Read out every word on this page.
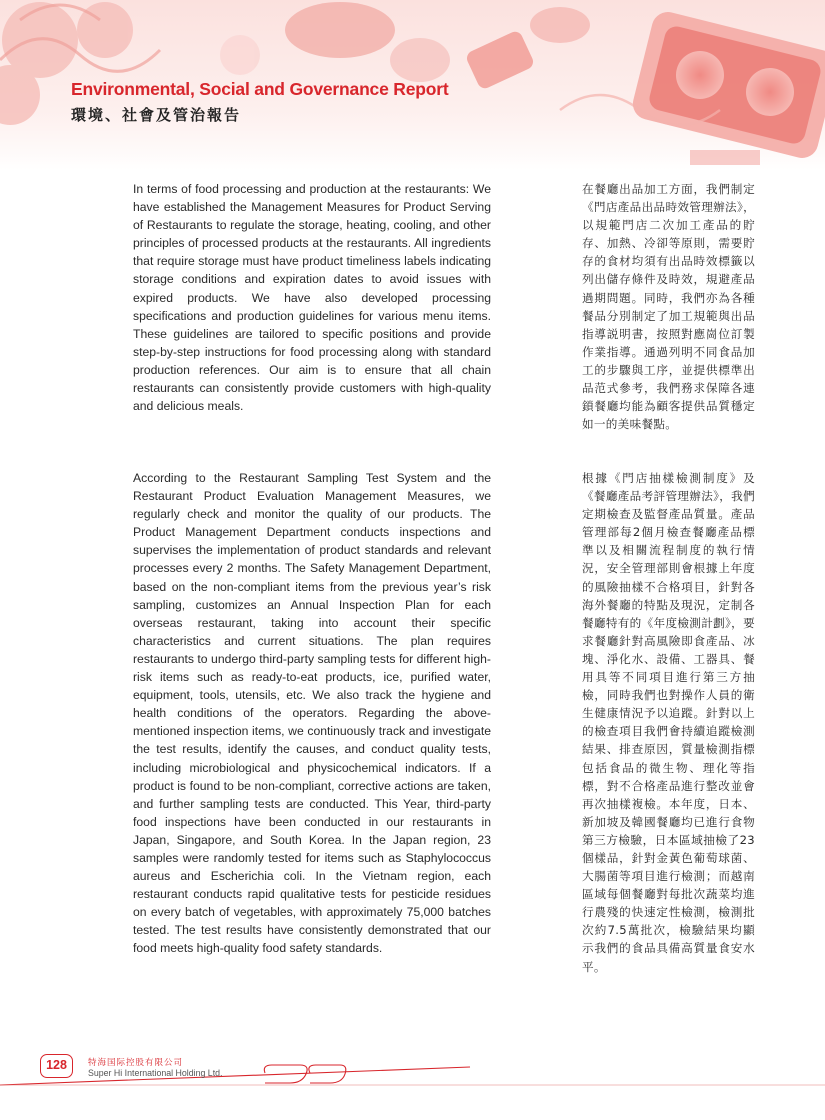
Environmental, Social and Governance Report
環境、社會及管治報告

In terms of food processing and production at the restaurants: We have established the Management Measures for Product Serving of Restaurants to regulate the storage, heating, cooling, and other principles of processed products at the restaurants. All ingredients that require storage must have product timeliness labels indicating storage conditions and expiration dates to avoid issues with expired products. We have also developed processing specifications and production guidelines for various menu items. These guidelines are tailored to specific positions and provide step-by-step instructions for food processing along with standard production references. Our aim is to ensure that all chain restaurants can consistently provide customers with high-quality and delicious meals.

在餐廳出品加工方面，我們制定《門店產品出品時效管理辦法》，以規範門店二次加工產品的貯存、加熱、冷卻等原則，需要貯存的食材均須有出品時效標籤以列出儲存條件及時效，規避產品過期問題。同時，我們亦為各種餐品分別制定了加工規範與出品指導説明書，按照對應崗位訂製作業指導。通過列明不同食品加工的步驟與工序，並提供標準出品范式參考，我們務求保障各連鎖餐廳均能為顧客提供品質穩定如一的美味餐點。

According to the Restaurant Sampling Test System and the Restaurant Product Evaluation Management Measures, we regularly check and monitor the quality of our products. The Product Management Department conducts inspections and supervises the implementation of product standards and relevant processes every 2 months. The Safety Management Department, based on the non-compliant items from the previous year’s risk sampling, customizes an Annual Inspection Plan for each overseas restaurant, taking into account their specific characteristics and current situations. The plan requires restaurants to undergo third-party sampling tests for different high-risk items such as ready-to-eat products, ice, purified water, equipment, tools, utensils, etc. We also track the hygiene and health conditions of the operators. Regarding the above-mentioned inspection items, we continuously track and investigate the test results, identify the causes, and conduct quality tests, including microbiological and physicochemical indicators. If a product is found to be non-compliant, corrective actions are taken, and further sampling tests are conducted. This Year, third-party food inspections have been conducted in our restaurants in Japan, Singapore, and South Korea. In the Japan region, 23 samples were randomly tested for items such as Staphylococcus aureus and Escherichia coli. In the Vietnam region, each restaurant conducts rapid qualitative tests for pesticide residues on every batch of vegetables, with approximately 75,000 batches tested. The test results have consistently demonstrated that our food meets high-quality food safety standards.

根據《門店抽樣檢測制度》及《餐廳產品考評管理辦法》，我們定期檢查及監督產品質量。產品管理部每2個月檢查餐廳產品標準以及相關流程制度的執行情況，安全管理部則會根據上年度的風險抽樣不合格項目，針對各海外餐廳的特點及現況，定制各餐廳特有的《年度檢測計劃》，要求餐廳針對高風險即食產品、冰塊、淨化水、設備、工器具、餐用具等不同項目進行第三方抽檢，同時我們也對操作人員的衛生健康情況予以追蹤。針對以上的檢查項目我們會持續追蹤檢測結果、排查原因，質量檢測指標包括食品的微生物、理化等指標，對不合格產品進行整改並會再次抽樣複檢。本年度，日本、新加坡及韓國餐廳均已進行食物第三方檢驗，日本區域抽檢了23個樣品，針對金黃色葡萄球菌、大腸菌等項目進行檢測；而越南區域每個餐廳對每批次蔬菜均進行農殘的快速定性檢測，檢測批次約7.5萬批次，檢驗結果均顯示我們的食品具備高質量食安水平。

128	特海国际控股有限公司
Super Hi International Holding Ltd.
